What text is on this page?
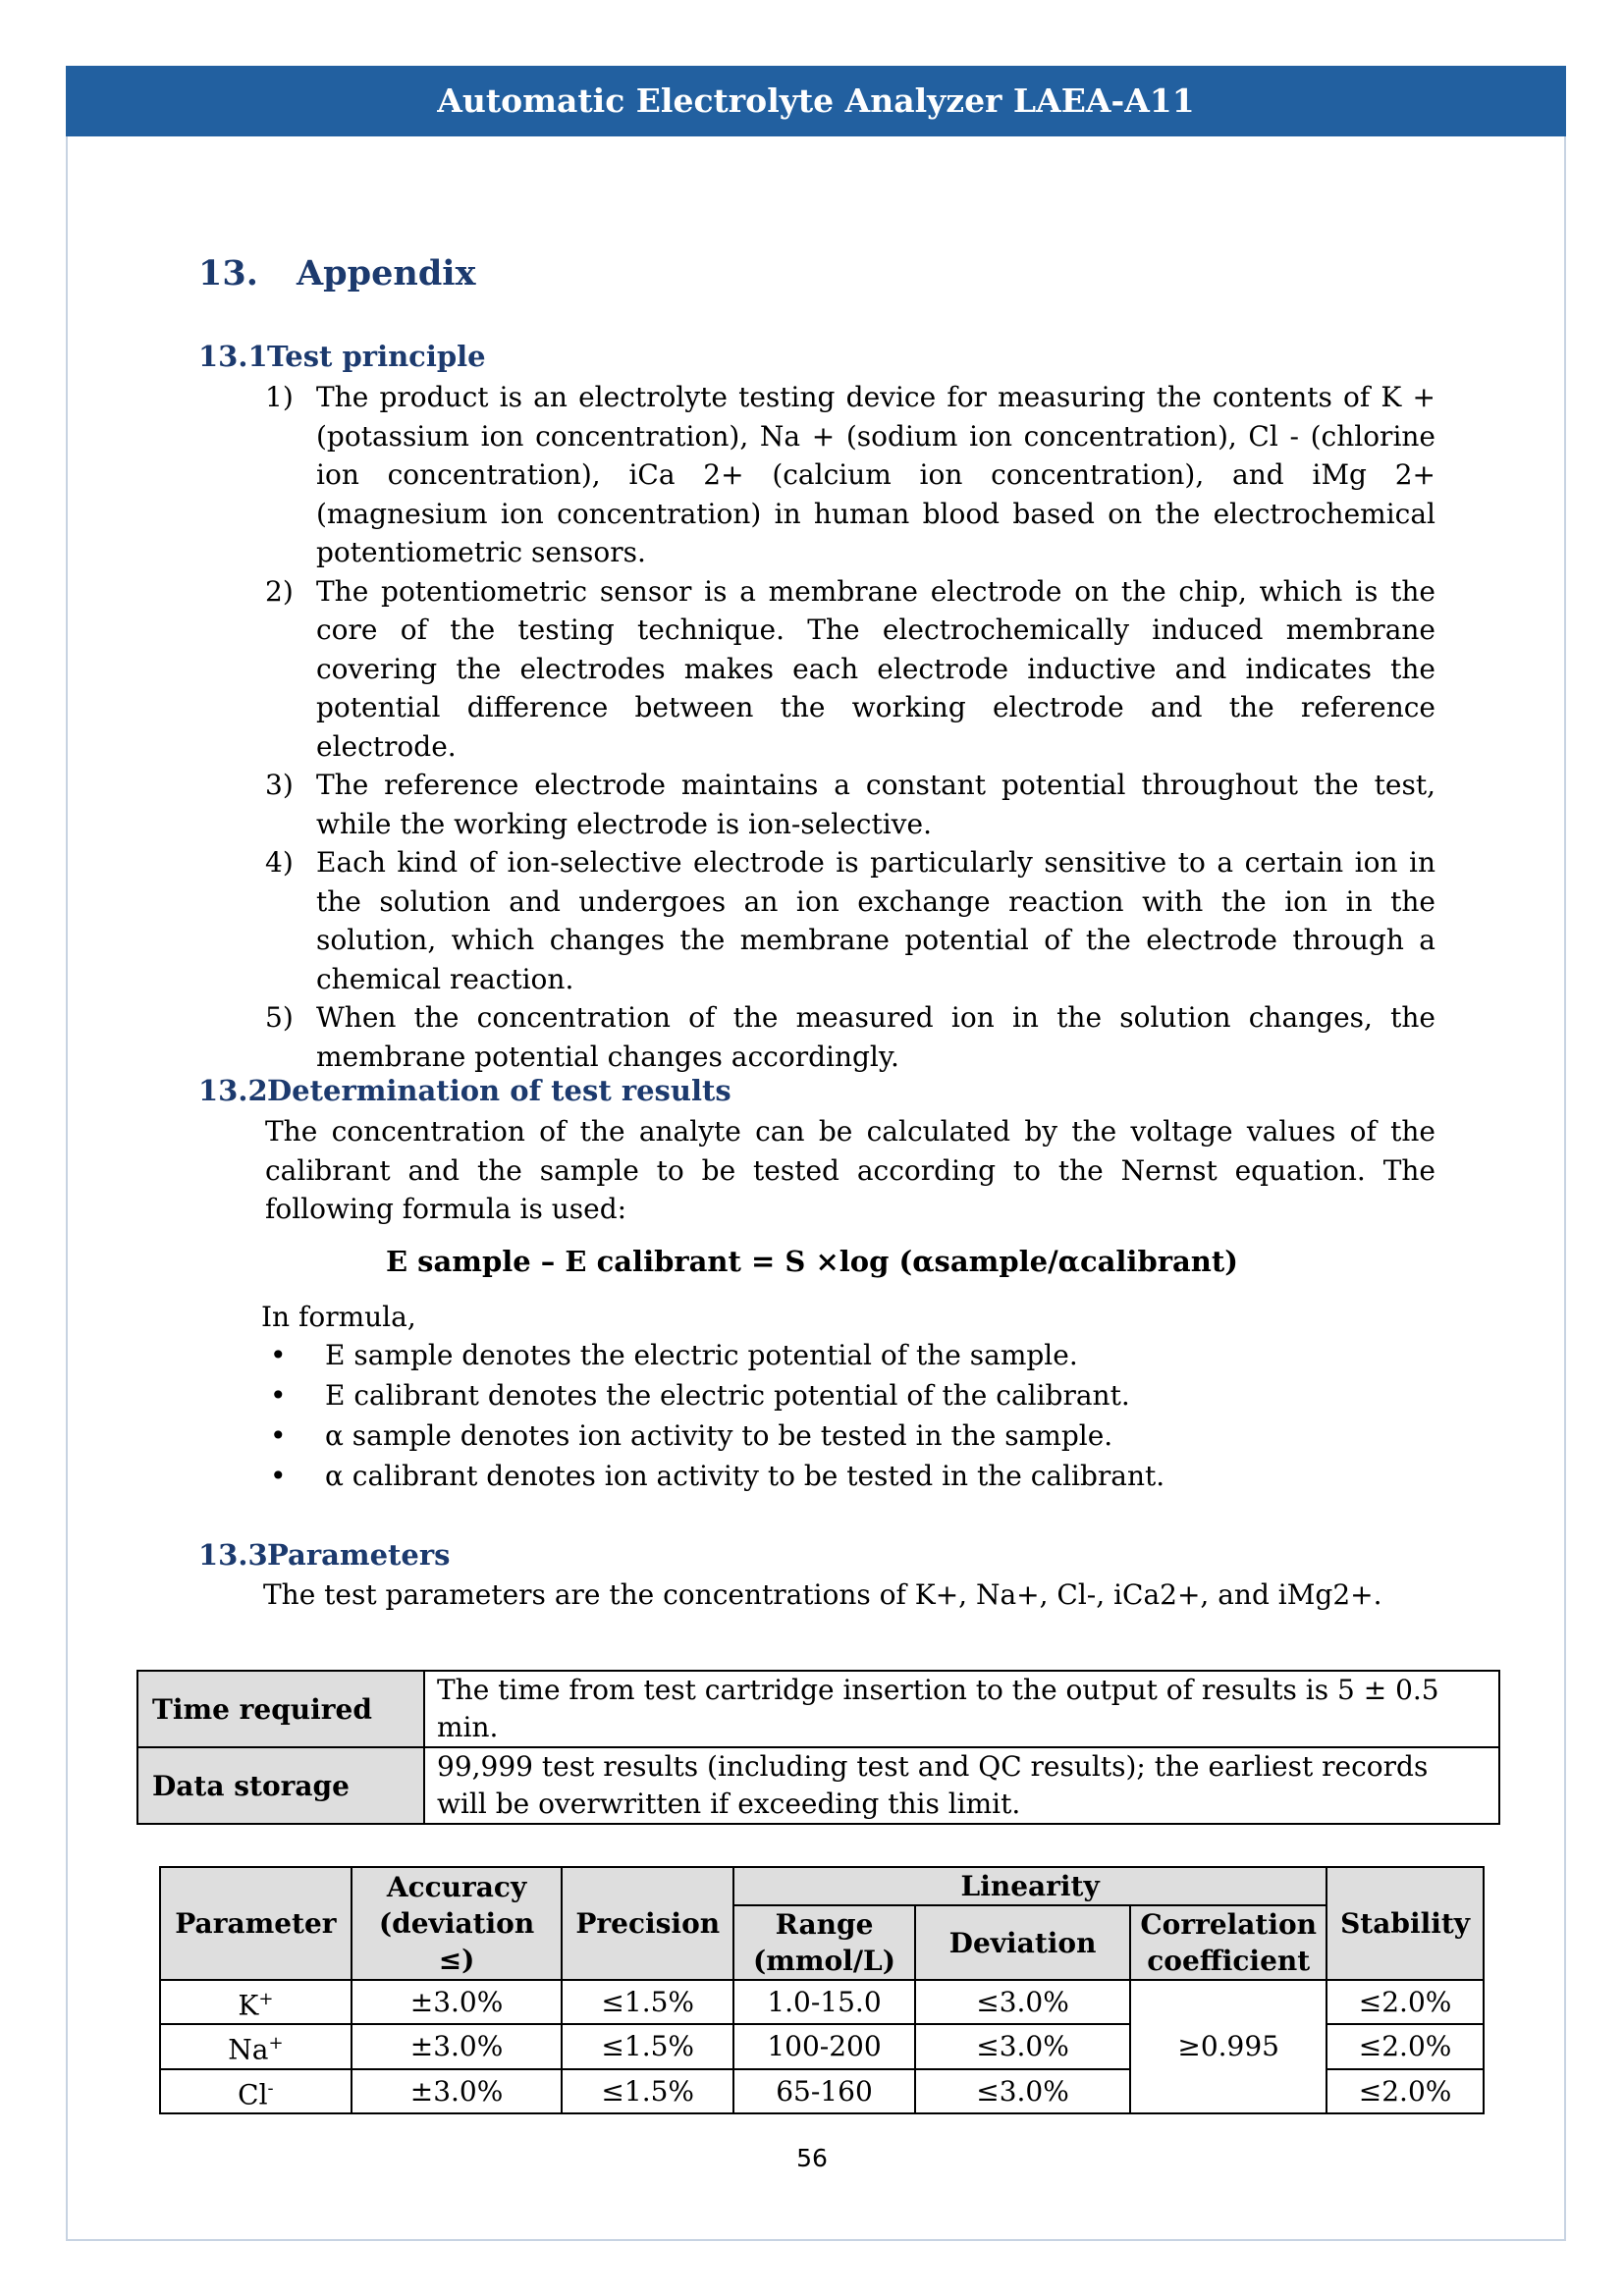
Automatic Electrolyte Analyzer LAEA-A11
13. Appendix
13.1Test principle
1) The product is an electrolyte testing device for measuring the contents of K + (potassium ion concentration), Na + (sodium ion concentration), Cl - (chlorine ion concentration), iCa 2+ (calcium ion concentration), and iMg 2+ (magnesium ion concentration) in human blood based on the electrochemical potentiometric sensors.
2) The potentiometric sensor is a membrane electrode on the chip, which is the core of the testing technique. The electrochemically induced membrane covering the electrodes makes each electrode inductive and indicates the potential difference between the working electrode and the reference electrode.
3) The reference electrode maintains a constant potential throughout the test, while the working electrode is ion-selective.
4) Each kind of ion-selective electrode is particularly sensitive to a certain ion in the solution and undergoes an ion exchange reaction with the ion in the solution, which changes the membrane potential of the electrode through a chemical reaction.
5) When the concentration of the measured ion in the solution changes, the membrane potential changes accordingly.
13.2Determination of test results
The concentration of the analyte can be calculated by the voltage values of the calibrant and the sample to be tested according to the Nernst equation. The following formula is used:
E sample – E calibrant = S ×log (αsample/αcalibrant)
In formula,
•	E sample denotes the electric potential of the sample.
•	E calibrant denotes the electric potential of the calibrant.
•	α sample denotes ion activity to be tested in the sample.
•	α calibrant denotes ion activity to be tested in the calibrant.
13.3Parameters
The test parameters are the concentrations of K+, Na+, Cl-, iCa2+, and iMg2+.
Time required	The time from test cartridge insertion to the output of results is 5 ± 0.5 min.
Data storage	99,999 test results (including test and QC results); the earliest records will be overwritten if exceeding this limit.
Parameter	Accuracy (deviation ≤)	Precision	Linearity			Stability
			Range (mmol/L)	Deviation	Correlation coefficient	
K+	±3.0%	≤1.5%	1.0-15.0	≤3.0%	≥0.995	≤2.0%
Na+	±3.0%	≤1.5%	100-200	≤3.0%		≤2.0%
Cl-	±3.0%	≤1.5%	65-160	≤3.0%		≤2.0%
56
